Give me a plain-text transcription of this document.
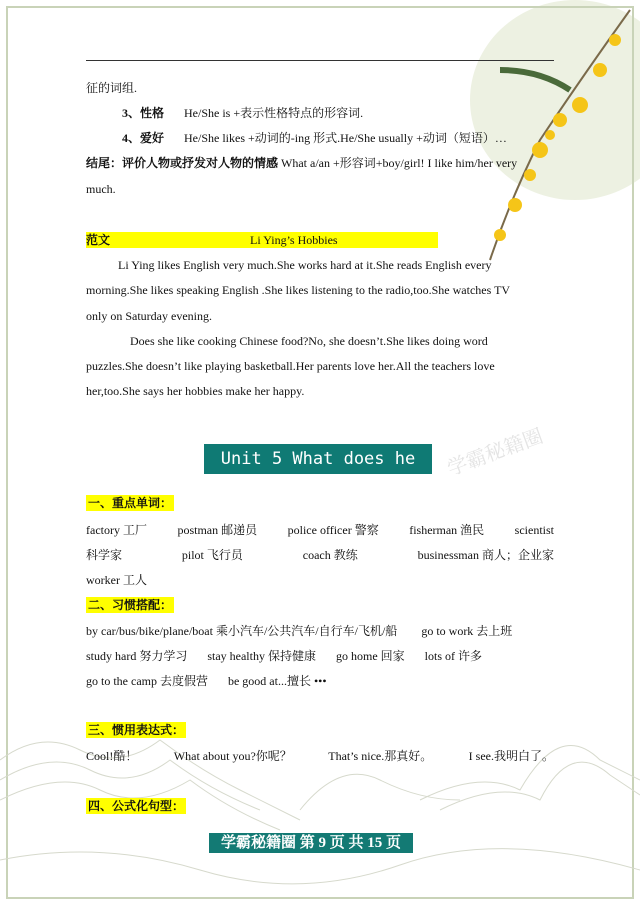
征的词组.
3、性格 He/She is +表示性格特点的形容词.
4、爱好 He/She likes +动词的-ing 形式.He/She usually +动词（短语）…
结尾：评价人物或抒发对人物的情感 What a/an +形容词+boy/girl! I like him/her very
much.
范文	Li Ying’s Hobbies
Li Ying likes English very much.She works hard at it.She reads English every
morning.She likes speaking English .She likes listening to the radio,too.She watches TV
only on Saturday evening.
Does she like cooking Chinese food?No, she doesn’t.She likes doing word
puzzles.She doesn’t like playing basketball.Her parents love her.All the teachers love
her,too.She says her hobbies make her happy.
Unit 5 What does he do?
学霸秘籍圈
一、重点单词：
factory 工厂	postman 邮递员	police officer 警察	fisherman 渔民	scientist
科学家	pilot 飞行员	coach 教练	businessman 商人；企业家
worker 工人
二、习惯搭配：
by car/bus/bike/plane/boat 乘小汽车/公共汽车/自行车/飞机/船 go to work 去上班
study hard 努力学习 stay healthy 保持健康 go home 回家 lots of 许多
go to the camp 去度假营 be good at...擅长 •••
三、惯用表达式：
Cool!酷！	What about you?你呢？	That’s nice.那真好。	I see.我明白了。
四、公式化句型：
学霸秘籍圈 第 9 页 共 15 页
